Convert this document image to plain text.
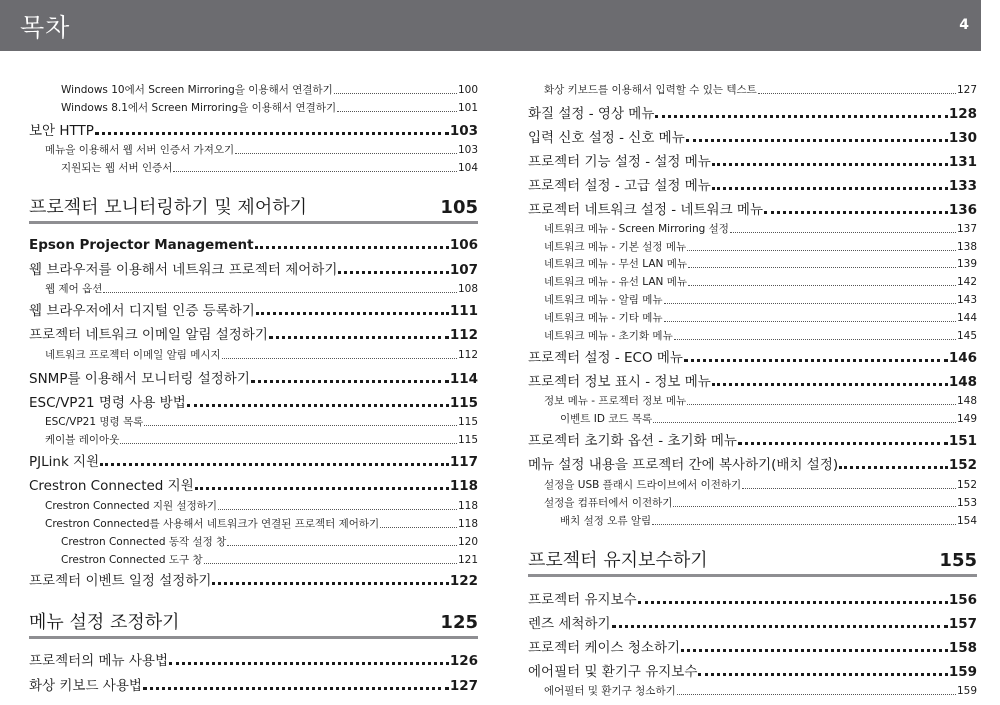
목차	4
Windows 10에서 Screen Mirroring을 이용해서 연결하기	100
Windows 8.1에서 Screen Mirroring을 이용해서 연결하기	101
보안 HTTP	103
메뉴을 이용해서 웹 서버 인증서 가져오기	103
지원되는 웹 서버 인증서	104
프로젝터 모니터링하기 및 제어하기	105
Epson Projector Management	106
웹 브라우저를 이용해서 네트워크 프로젝터 제어하기	107
웹 제어 옵션	108
웹 브라우저에서 디지털 인증 등록하기	111
프로젝터 네트워크 이메일 알림 설정하기	112
네트워크 프로젝터 이메일 알림 메시지	112
SNMP를 이용해서 모니터링 설정하기	114
ESC/VP21 명령 사용 방법	115
ESC/VP21 명령 목록	115
케이블 레이아웃	115
PJLink 지원	117
Crestron Connected 지원	118
Crestron Connected 지원 설정하기	118
Crestron Connected를 사용해서 네트워크가 연결된 프로젝터 제어하기	118
Crestron Connected 동작 설정 창	120
Crestron Connected 도구 창	121
프로젝터 이벤트 일정 설정하기	122
메뉴 설정 조정하기	125
프로젝터의 메뉴 사용법	126
화상 키보드 사용법	127
화상 키보드를 이용해서 입력할 수 있는 텍스트	127
화질 설정 - 영상 메뉴	128
입력 신호 설정 - 신호 메뉴	130
프로젝터 기능 설정 - 설정 메뉴	131
프로젝터 설정 - 고급 설정 메뉴	133
프로젝터 네트워크 설정 - 네트워크 메뉴	136
네트워크 메뉴 - Screen Mirroring 설정	137
네트워크 메뉴 - 기본 설정 메뉴	138
네트워크 메뉴 - 무선 LAN 메뉴	139
네트워크 메뉴 - 유선 LAN 메뉴	142
네트워크 메뉴 - 알림 메뉴	143
네트워크 메뉴 - 기타 메뉴	144
네트워크 메뉴 - 초기화 메뉴	145
프로젝터 설정 - ECO 메뉴	146
프로젝터 정보 표시 - 정보 메뉴	148
정보 메뉴 - 프로젝터 정보 메뉴	148
이벤트 ID 코드 목록	149
프로젝터 초기화 옵션 - 초기화 메뉴	151
메뉴 설정 내용을 프로젝터 간에 복사하기(배치 설정)	152
설정을 USB 플래시 드라이브에서 이전하기	152
설정을 컴퓨터에서 이전하기	153
배치 설정 오류 알림	154
프로젝터 유지보수하기	155
프로젝터 유지보수	156
렌즈 세척하기	157
프로젝터 케이스 청소하기	158
에어필터 및 환기구 유지보수	159
에어필터 및 환기구 청소하기	159
